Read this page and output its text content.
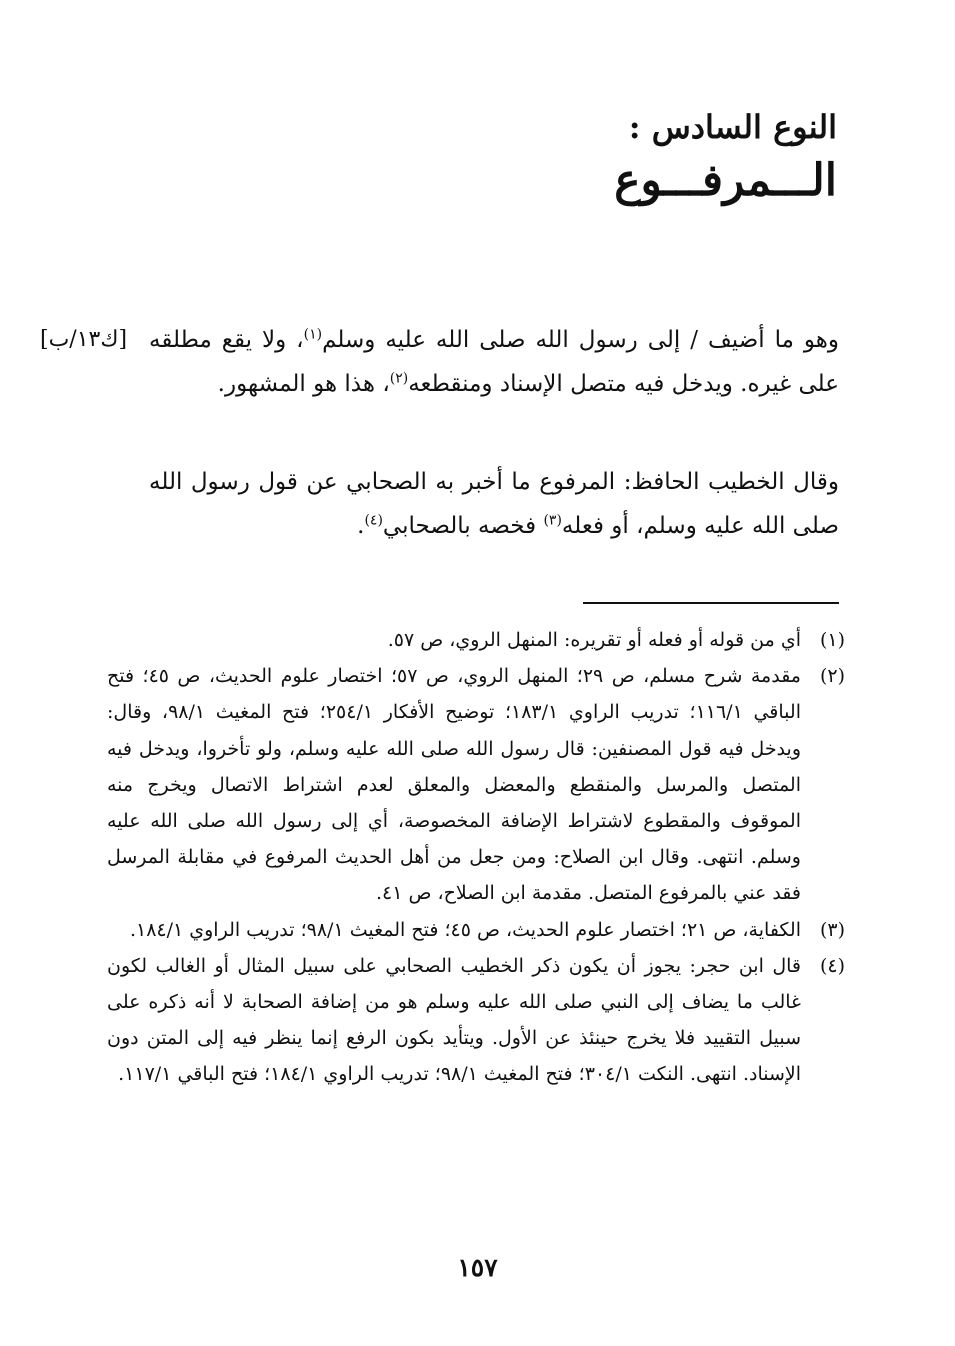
النوع السادس :
الـــمرفـــوع
[ك١٣/ب]	وهو ما أضيف / إلى رسول الله صلى الله عليه وسلم$^{(١)}$، ولا يقع مطلقه على غيره. ويدخل فيه متصل الإسناد ومنقطعه$^{(٢)}$، هذا هو المشهور.

وقال الخطيب الحافظ: المرفوع ما أخبر به الصحابي عن قول رسول الله صلى الله عليه وسلم، أو فعله$^{(٣)}$ فخصه بالصحابي$^{(٤)}$.

(١)
أي من قوله أو فعله أو تقريره: المنهل الروي، ص ٥٧.
(٢)
مقدمة شرح مسلم، ص ٢٩؛ المنهل الروي، ص ٥٧؛ اختصار علوم الحديث، ص ٤٥؛ فتح الباقي ١١٦/١؛ تدريب الراوي ١٨٣/١؛ توضيح الأفكار ٢٥٤/١؛ فتح المغيث ٩٨/١، وقال: ويدخل فيه قول المصنفين: قال رسول الله صلى الله عليه وسلم، ولو تأخروا، ويدخل فيه المتصل والمرسل والمنقطع والمعضل والمعلق لعدم اشتراط الاتصال ويخرج منه الموقوف والمقطوع لاشتراط الإضافة المخصوصة، أي إلى رسول الله صلى الله عليه وسلم. انتهى. وقال ابن الصلاح: ومن جعل من أهل الحديث المرفوع في مقابلة المرسل فقد عني بالمرفوع المتصل. مقدمة ابن الصلاح، ص ٤١.
(٣)
الكفاية، ص ٢١؛ اختصار علوم الحديث، ص ٤٥؛ فتح المغيث ٩٨/١؛ تدريب الراوي ١٨٤/١.
(٤)
قال ابن حجر: يجوز أن يكون ذكر الخطيب الصحابي على سبيل المثال أو الغالب لكون غالب ما يضاف إلى النبي صلى الله عليه وسلم هو من إضافة الصحابة لا أنه ذكره على سبيل التقييد فلا يخرج حينئذ عن الأول. ويتأيد بكون الرفع إنما ينظر فيه إلى المتن دون الإسناد. انتهى. النكت ٣٠٤/١؛ فتح المغيث ٩٨/١؛ تدريب الراوي ١٨٤/١؛ فتح الباقي ١١٧/١.
١٥٧
